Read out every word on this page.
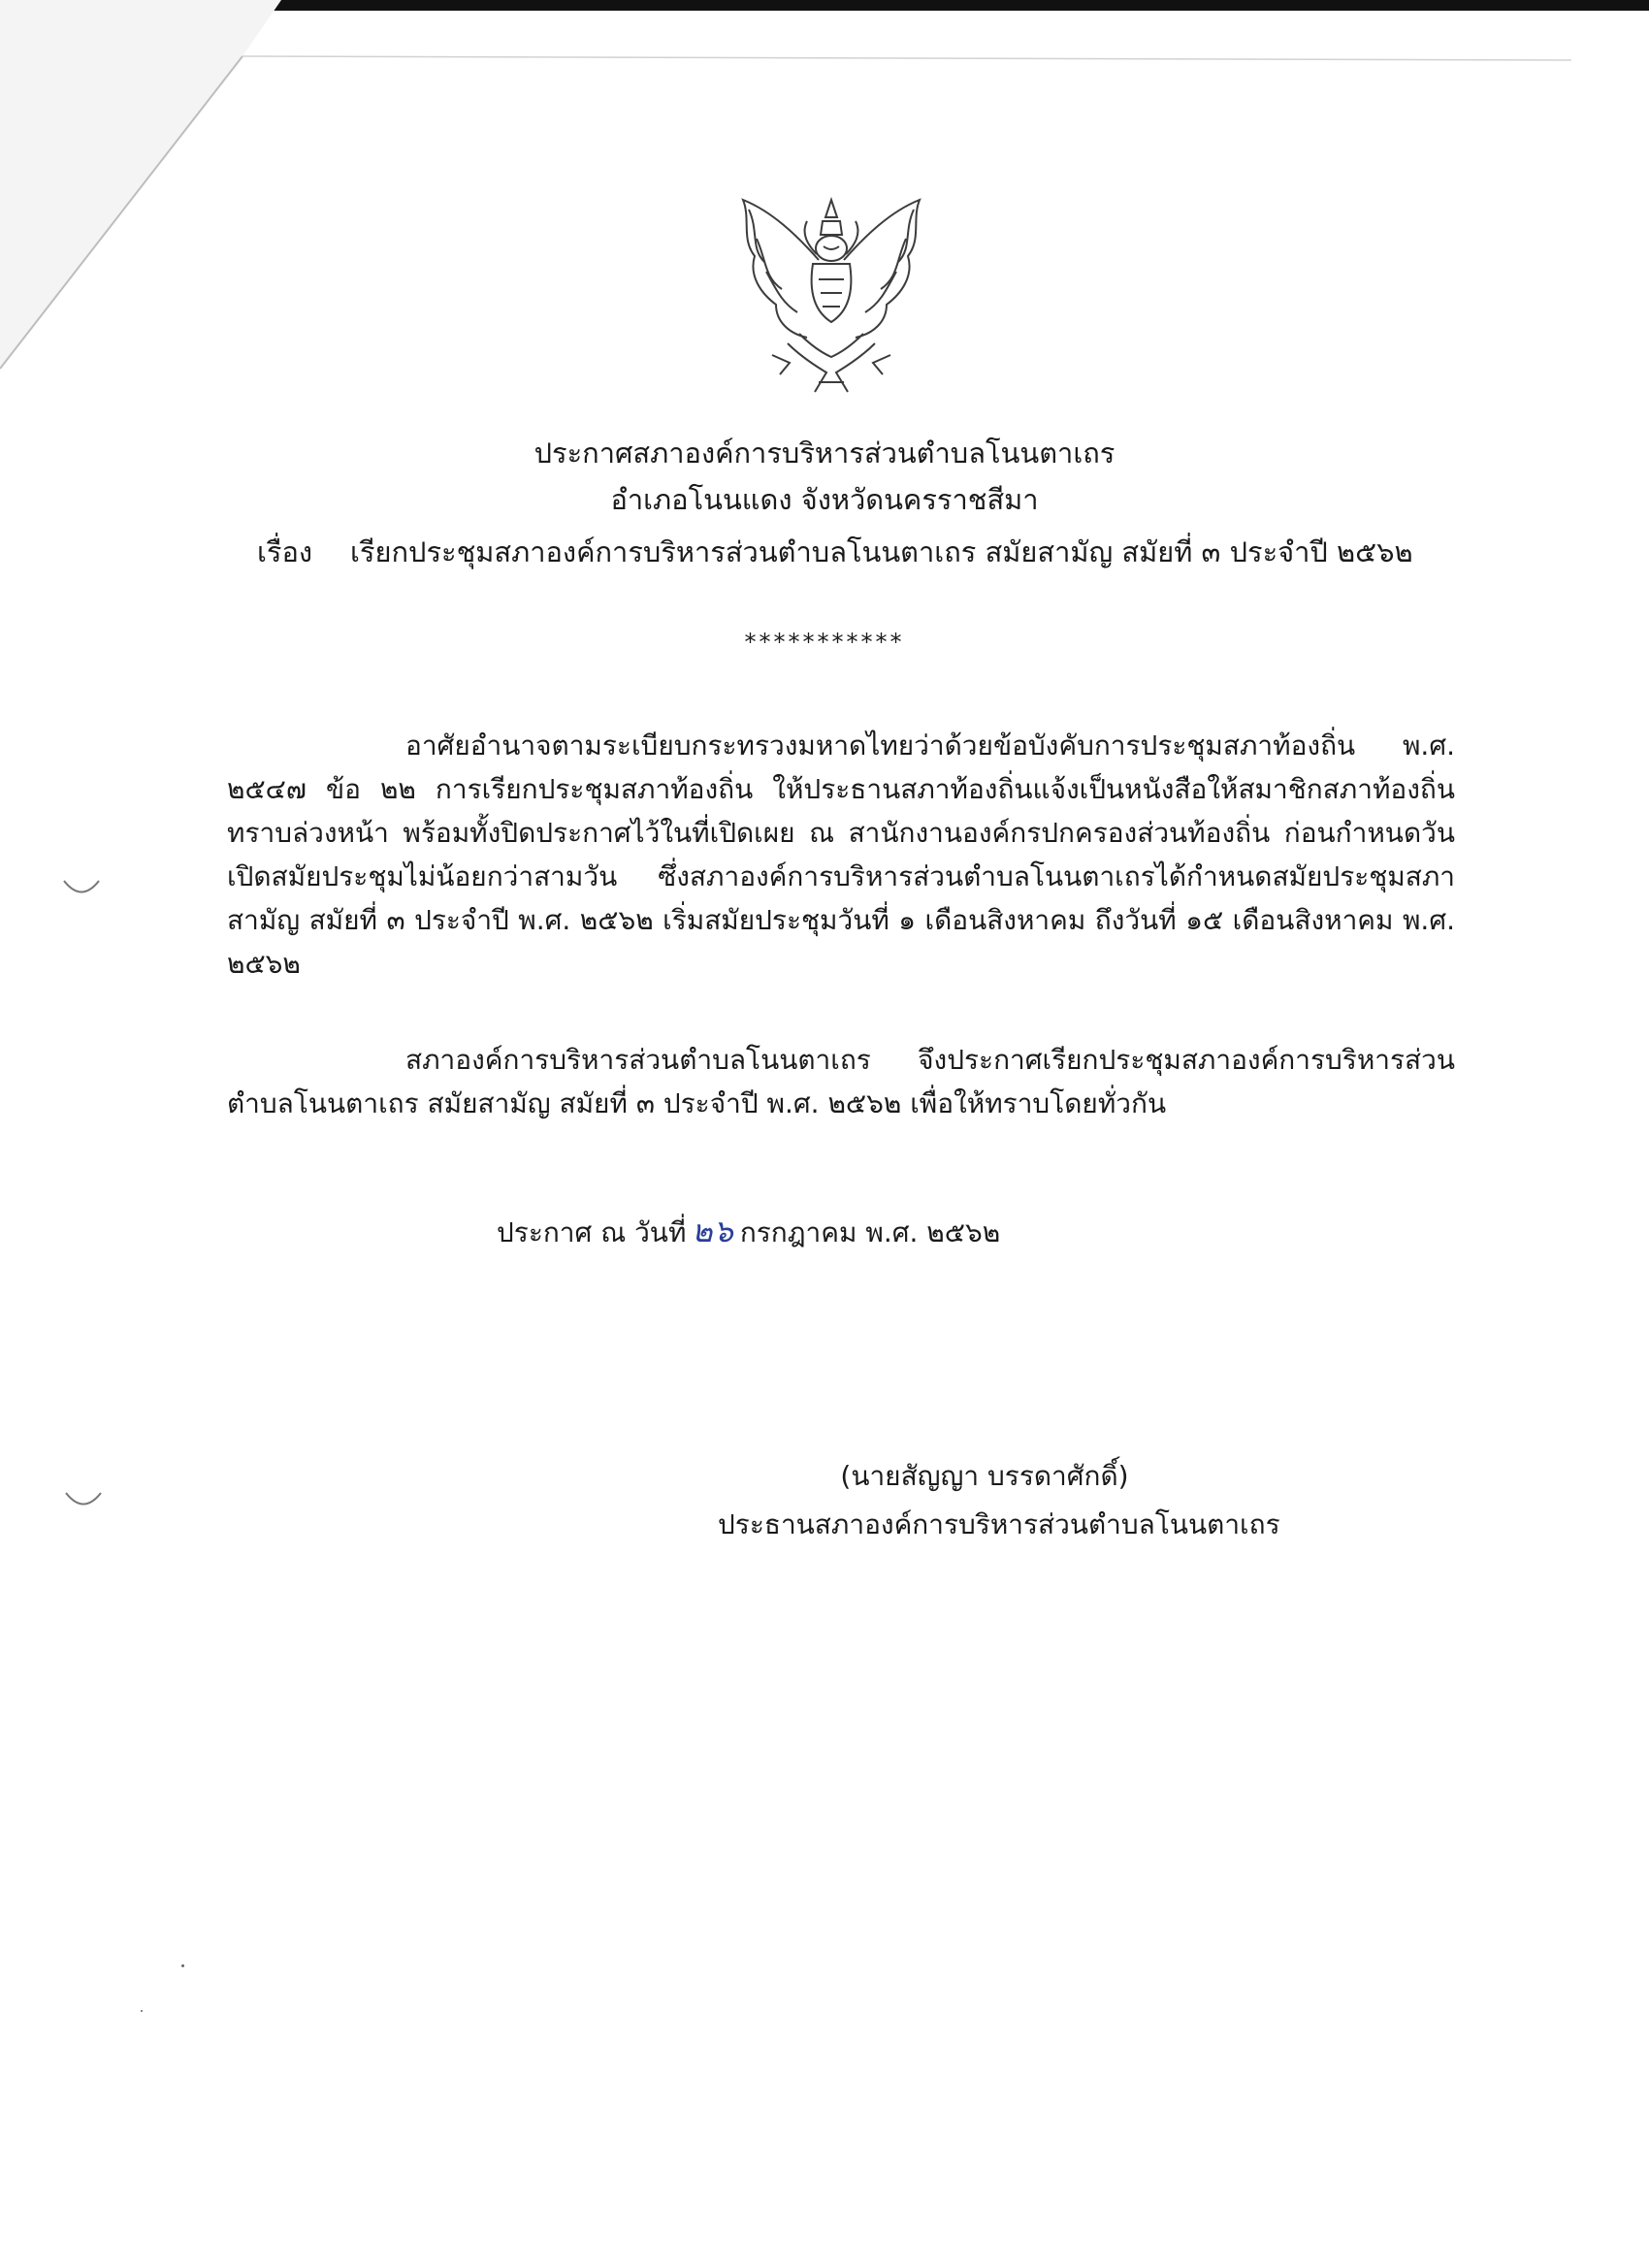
ประกาศสภาองค์การบริหารส่วนตำบลโนนตาเถร
อำเภอโนนแดง จังหวัดนครราชสีมา
เรื่อง เรียกประชุมสภาองค์การบริหารส่วนตำบลโนนตาเถร สมัยสามัญ สมัยที่ ๓ ประจำปี ๒๕๖๒
***********
อาศัยอำนาจตามระเบียบกระทรวงมหาดไทยว่าด้วยข้อบังคับการประชุมสภาท้องถิ่น พ.ศ. ๒๕๔๗ ข้อ ๒๒ การเรียกประชุมสภาท้องถิ่น ให้ประธานสภาท้องถิ่นแจ้งเป็นหนังสือให้สมาชิกสภาท้องถิ่นทราบล่วงหน้า พร้อมทั้งปิดประกาศไว้ในที่เปิดเผย ณ สานักงานองค์กรปกครองส่วนท้องถิ่น ก่อนกำหนดวันเปิดสมัยประชุมไม่น้อยกว่าสามวัน ซึ่งสภาองค์การบริหารส่วนตำบลโนนตาเถรได้กำหนดสมัยประชุมสภาสามัญ สมัยที่ ๓ ประจำปี พ.ศ. ๒๕๖๒ เริ่มสมัยประชุมวันที่ ๑ เดือนสิงหาคม ถึงวันที่ ๑๕ เดือนสิงหาคม พ.ศ. ๒๕๖๒
สภาองค์การบริหารส่วนตำบลโนนตาเถร จึงประกาศเรียกประชุมสภาองค์การบริหารส่วนตำบลโนนตาเถร สมัยสามัญ สมัยที่ ๓ ประจำปี พ.ศ. ๒๕๖๒ เพื่อให้ทราบโดยทั่วกัน
ประกาศ ณ วันที่ ๒๖ กรกฎาคม พ.ศ. ๒๕๖๒
(นายสัญญา บรรดาศักดิ์)
ประธานสภาองค์การบริหารส่วนตำบลโนนตาเถร
